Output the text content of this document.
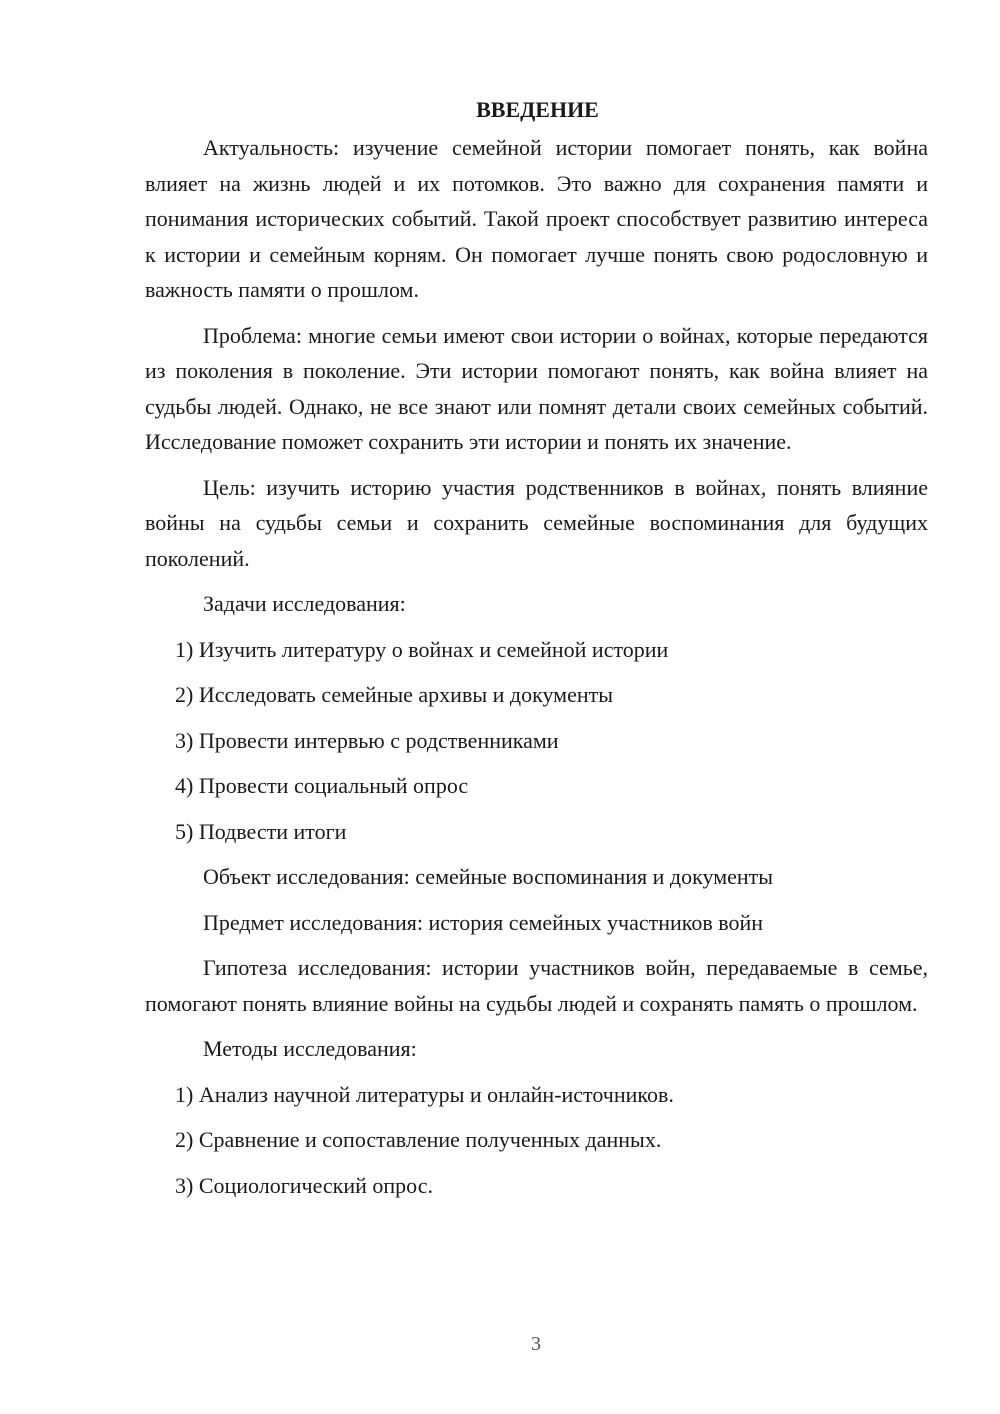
ВВЕДЕНИЕ

Актуальность: изучение семейной истории помогает понять, как война влияет на жизнь людей и их потомков. Это важно для сохранения памяти и понимания исторических событий. Такой проект способствует развитию интереса к истории и семейным корням. Он помогает лучше понять свою родословную и важность памяти о прошлом.

Проблема: многие семьи имеют свои истории о войнах, которые передаются из поколения в поколение. Эти истории помогают понять, как война влияет на судьбы людей. Однако, не все знают или помнят детали своих семейных событий. Исследование поможет сохранить эти истории и понять их значение.

Цель: изучить историю участия родственников в войнах, понять влияние войны на судьбы семьи и сохранить семейные воспоминания для будущих поколений.

Задачи исследования:
1) Изучить литературу о войнах и семейной истории
2) Исследовать семейные архивы и документы
3) Провести интервью с родственниками
4) Провести социальный опрос
5) Подвести итоги
Объект исследования: семейные воспоминания и документы
Предмет исследования: история семейных участников войн

Гипотеза исследования: истории участников войн, передаваемые в семье, помогают понять влияние войны на судьбы людей и сохранять память о прошлом.

Методы исследования:
1) Анализ научной литературы и онлайн-источников.
2) Сравнение и сопоставление полученных данных.
3) Социологический опрос.
3
